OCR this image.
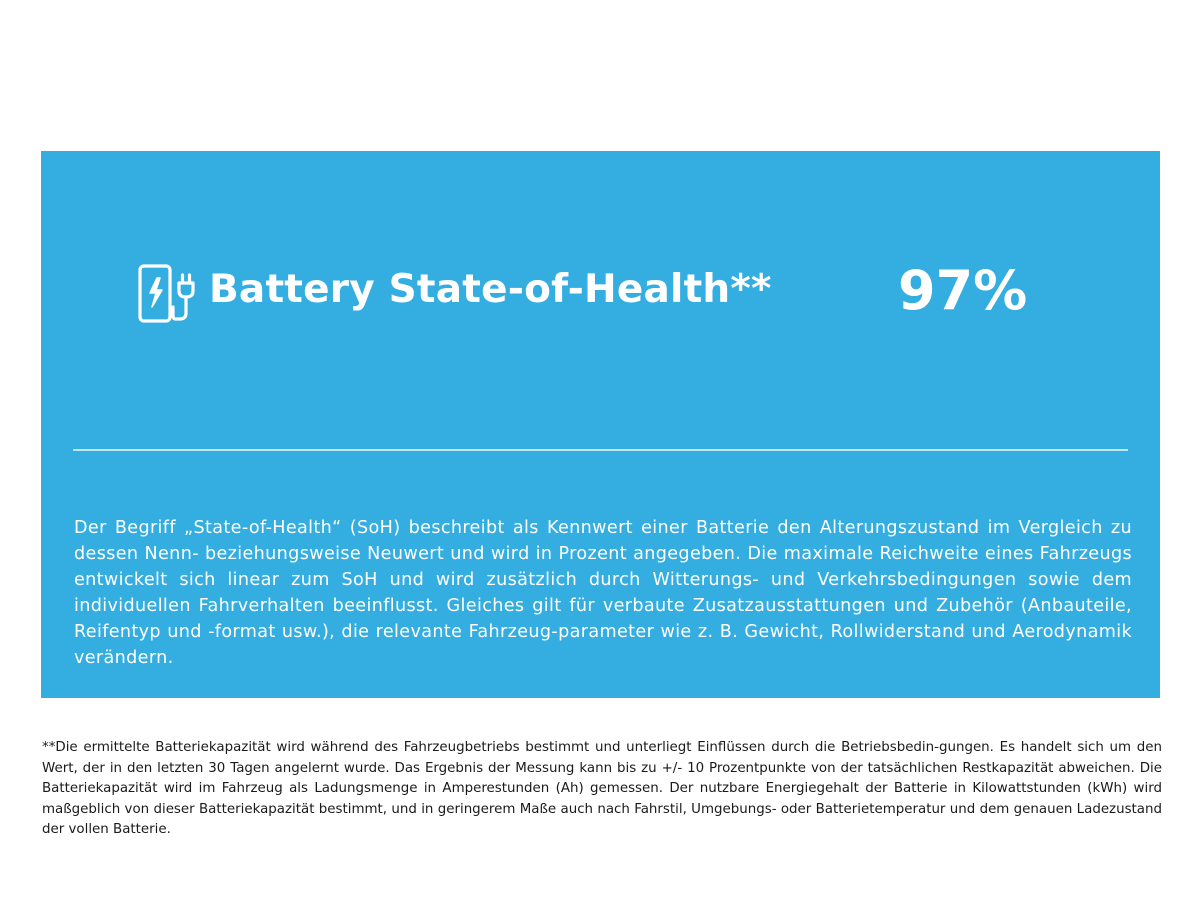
Battery State-of-Health** 97%

Der Begriff „State-of-Health“ (SoH) beschreibt als Kennwert einer Batterie den Alterungszustand im Vergleich zu dessen Nenn- beziehungsweise Neuwert und wird in Prozent angegeben. Die maximale Reichweite eines Fahrzeugs entwickelt sich linear zum SoH und wird zusätzlich durch Witterungs- und Verkehrsbedingungen sowie dem individuellen Fahrverhalten beeinflusst. Gleiches gilt für verbaute Zusatzausstattungen und Zubehör (Anbauteile, Reifentyp und -format usw.), die relevante Fahrzeug-parameter wie z. B. Gewicht, Rollwiderstand und Aerodynamik verändern.

**Die ermittelte Batteriekapazität wird während des Fahrzeugbetriebs bestimmt und unterliegt Einflüssen durch die Betriebsbedin-gungen. Es handelt sich um den Wert, der in den letzten 30 Tagen angelernt wurde. Das Ergebnis der Messung kann bis zu +/- 10 Prozentpunkte von der tatsächlichen Restkapazität abweichen. Die Batteriekapazität wird im Fahrzeug als Ladungsmenge in Amperestunden (Ah) gemessen. Der nutzbare Energiegehalt der Batterie in Kilowattstunden (kWh) wird maßgeblich von dieser Batteriekapazität bestimmt, und in geringerem Maße auch nach Fahrstil, Umgebungs- oder Batterietemperatur und dem genauen Ladezustand der vollen Batterie.
